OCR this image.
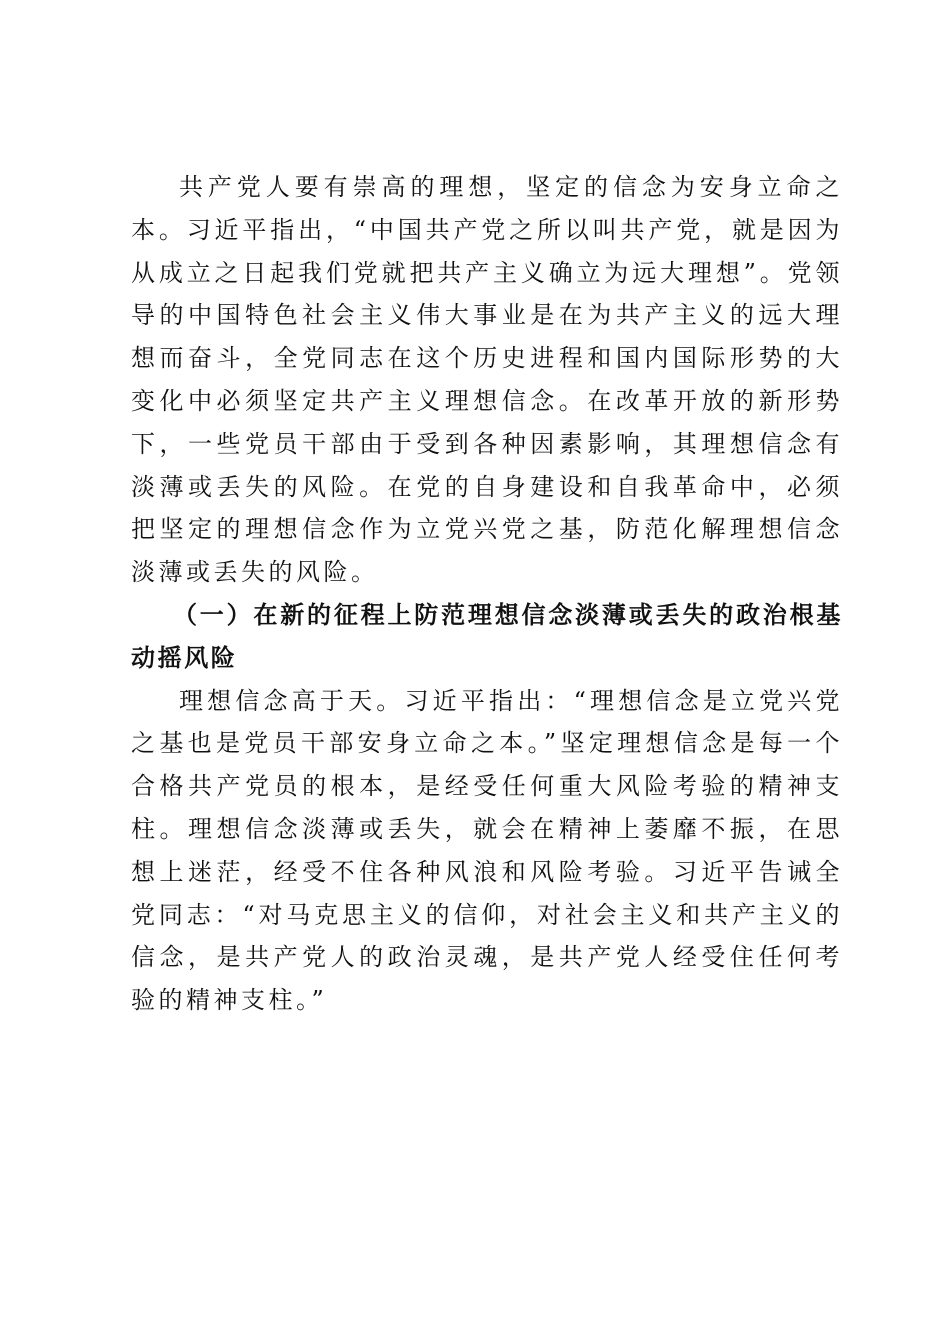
共产党人要有崇高的理想，坚定的信念为安身立命之本。习近平指出，“中国共产党之所以叫共产党，就是因为从成立之日起我们党就把共产主义确立为远大理想”。党领导的中国特色社会主义伟大事业是在为共产主义的远大理想而奋斗，全党同志在这个历史进程和国内国际形势的大变化中必须坚定共产主义理想信念。在改革开放的新形势下，一些党员干部由于受到各种因素影响，其理想信念有淡薄或丢失的风险。在党的自身建设和自我革命中，必须把坚定的理想信念作为立党兴党之基，防范化解理想信念淡薄或丢失的风险。

（一）在新的征程上防范理想信念淡薄或丢失的政治根基动摇风险

理想信念高于天。习近平指出：“理想信念是立党兴党之基也是党员干部安身立命之本。”坚定理想信念是每一个合格共产党员的根本，是经受任何重大风险考验的精神支柱。理想信念淡薄或丢失，就会在精神上萎靡不振，在思想上迷茫，经受不住各种风浪和风险考验。习近平告诫全党同志：“对马克思主义的信仰，对社会主义和共产主义的信念，是共产党人的政治灵魂，是共产党人经受住任何考验的精神支柱。”
